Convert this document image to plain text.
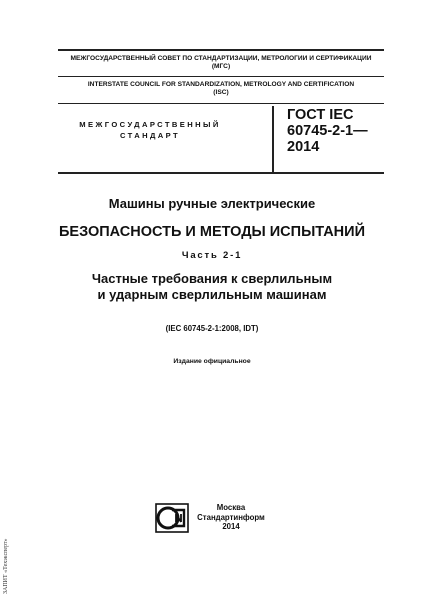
МЕЖГОСУДАРСТВЕННЫЙ СОВЕТ ПО СТАНДАРТИЗАЦИИ, МЕТРОЛОГИИ И СЕРТИФИКАЦИИ
(МГС)
INTERSTATE COUNCIL FOR STANDARDIZATION, METROLOGY AND CERTIFICATION
(ISC)
МЕЖГОСУДАРСТВЕННЫЙ
СТАНДАРТ
ГОСТ IEC
60745-2-1—
2014
Машины ручные электрические
БЕЗОПАСНОСТЬ И МЕТОДЫ ИСПЫТАНИЙ
Часть 2-1
Частные требования к сверлильным
и ударным сверлильным машинам
(IEC 60745-2-1:2008, IDT)
Издание официальное
Москва
Стандартинформ
2014
ЗАПИТ «Техэксперт»
